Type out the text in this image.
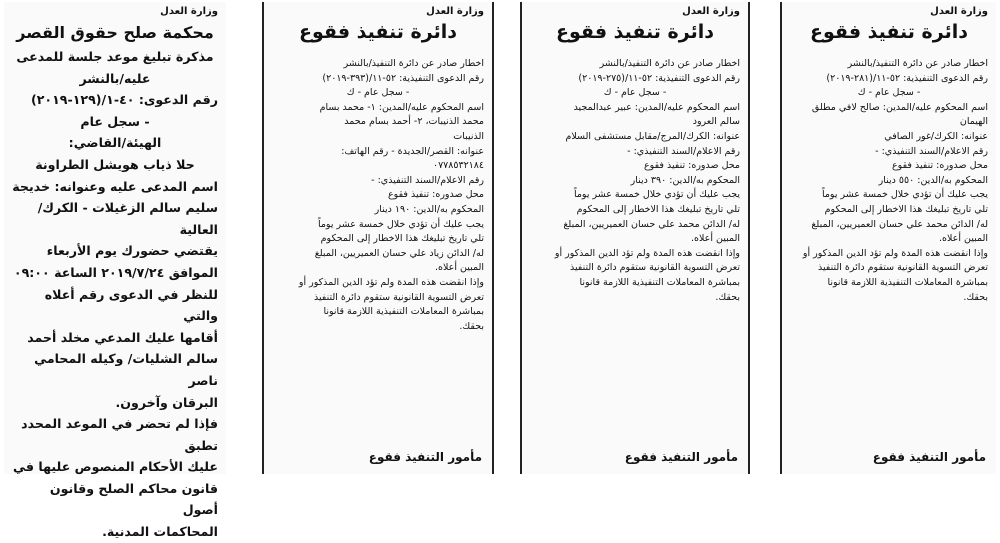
وزارة العدل
محكمة صلح حقوق القصر

مذكرة تبليغ موعد جلسة للمدعى

عليه/بالنشر

رقم الدعوى: ٤٠-١/(١٢٩-٢٠١٩)

- سجل عام

الهيئة/القاضي:

حلا ذياب هويشل الطراونة

اسم المدعى عليه وعنوانه: خديجة

سليم سالم الزغيلات - الكرك/

العالية

يقتضي حضورك يوم الأربعاء

الموافق ٢٠١٩/٧/٢٤ الساعة ٠٩:٠٠

للنظر في الدعوى رقم أعلاه والتي

أقامها عليك المدعي مخلد أحمد

سالم الشليات/ وكيله المحامي ناصر

البرقان وآخرون.

فإذا لم تحضر في الموعد المحدد تطبق

عليك الأحكام المنصوص عليها في

قانون محاكم الصلح وقانون أصول

المحاكمات المدنية.

وزارة العدل
دائرة تنفيذ فقوع

اخطار صادر عن دائرة التنفيذ/بالنشر

رقم الدعوى التنفيذية: ٥٢-١١/(٣٩٣-٢٠١٩)

- سجل عام - ك

اسم المحكوم عليه/المدين: ١- محمد بسام

محمد الذنيبات، ٢- أحمد بسام محمد

الذنيبات

عنوانه: القصر/الجديدة - رقم الهاتف:

٠٧٧٨٥٣٢١٨٤

رقم الاعلام/السند التنفيذي: -

محل صدوره: تنفيذ فقوع

المحكوم به/الدين: ١٩٠ دينار

يجب عليك أن تؤدي خلال خمسة عشر يوماً

تلي تاريخ تبليغك هذا الاخطار إلى المحكوم

له/ الدائن زياد علي حسان العميريين، المبلغ

المبين أعلاه.

وإذا انقضت هذه المدة ولم تؤد الدين المذكور أو

تعرض التسوية القانونية ستقوم دائرة التنفيذ

بمباشرة المعاملات التنفيذية اللازمة قانونا

بحقك.

مأمور التنفيذ فقوع
وزارة العدل
دائرة تنفيذ فقوع

اخطار صادر عن دائرة التنفيذ/بالنشر

رقم الدعوى التنفيذية: ٥٢-١١/(٢٧٥-٢٠١٩)

- سجل عام - ك

اسم المحكوم عليه/المدين: عبير عبدالمجيد

سالم العرود

عنوانه: الكرك/المرج/مقابل مستشفى السلام

رقم الاعلام/السند التنفيذي: -

محل صدوره: تنفيذ فقوع

المحكوم به/الدين: ٣٩٠ دينار

يجب عليك أن تؤدي خلال خمسة عشر يوماً

تلي تاريخ تبليغك هذا الاخطار إلى المحكوم

له/ الدائن محمد علي حسان العميريين، المبلغ

المبين أعلاه.

وإذا انقضت هذه المدة ولم تؤد الدين المذكور أو

تعرض التسوية القانونية ستقوم دائرة التنفيذ

بمباشرة المعاملات التنفيذية اللازمة قانونا

بحقك.

مأمور التنفيذ فقوع
وزارة العدل
دائرة تنفيذ فقوع

اخطار صادر عن دائرة التنفيذ/بالنشر

رقم الدعوى التنفيذية: ٥٢-١١/(٢٨١-٢٠١٩)

- سجل عام - ك

اسم المحكوم عليه/المدين: صالح لافي مطلق

الهيمان

عنوانه: الكرك/غور الصافي

رقم الاعلام/السند التنفيذي: -

محل صدوره: تنفيذ فقوع

المحكوم به/الدين: ٥٥٠ دينار

يجب عليك أن تؤدي خلال خمسة عشر يوماً

تلي تاريخ تبليغك هذا الاخطار إلى المحكوم

له/ الدائن محمد علي حسان العميريين، المبلغ

المبين أعلاه.

وإذا انقضت هذه المدة ولم تؤد الدين المذكور أو

تعرض التسوية القانونية ستقوم دائرة التنفيذ

بمباشرة المعاملات التنفيذية اللازمة قانونا

بحقك.

مأمور التنفيذ فقوع
